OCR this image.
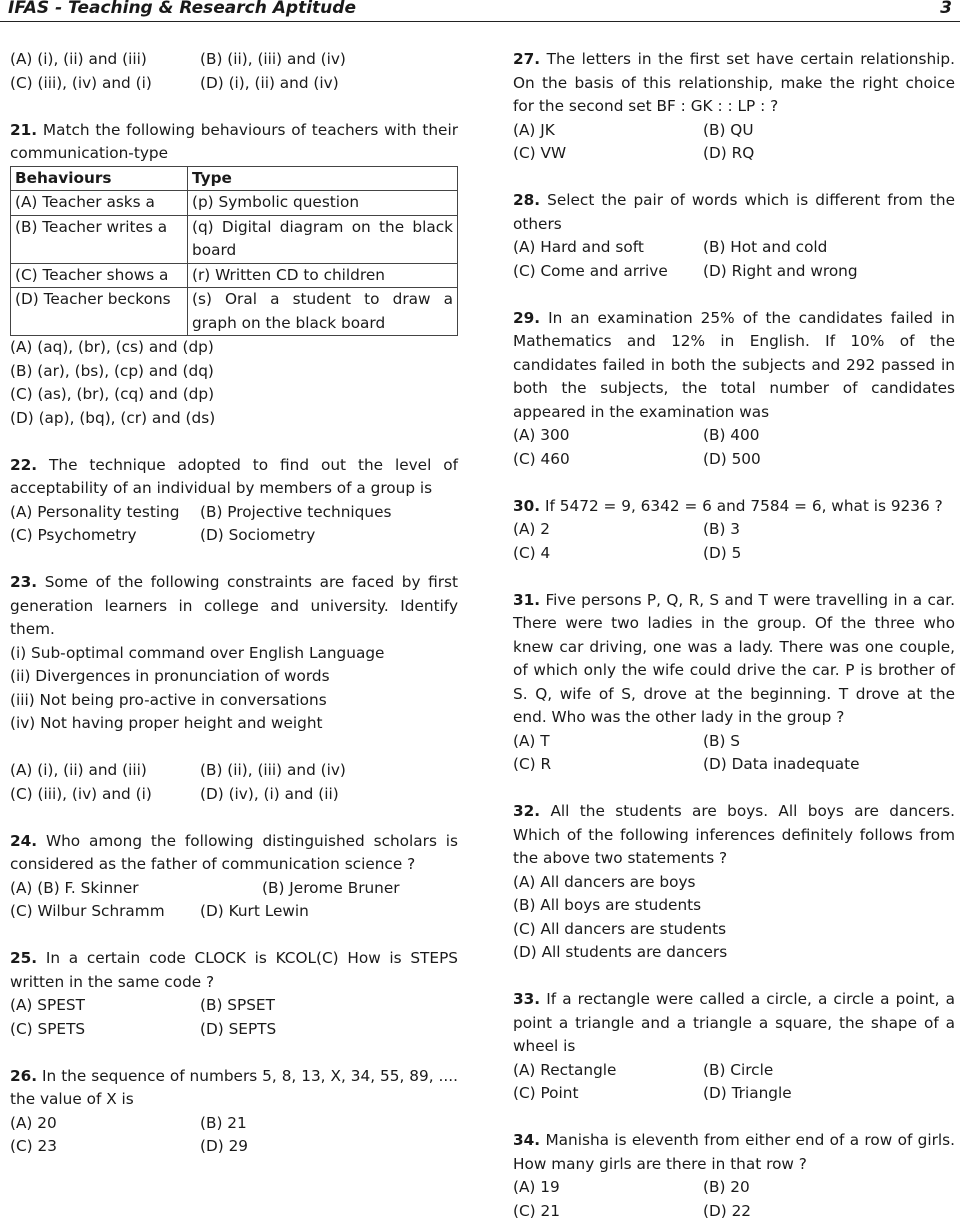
IFAS - Teaching & Research Aptitude	3
(A) (i), (ii) and (iii)	(B) (ii), (iii) and (iv)
(C) (iii), (iv) and (i)	(D) (i), (ii) and (iv)
21. Match the following behaviours of teachers with their communication-type
Behaviours	Type
(A) Teacher asks a	(p) Symbolic question
(B) Teacher writes a	(q) Digital diagram on the black board
(C) Teacher shows a	(r) Written CD to children
(D) Teacher beckons	(s) Oral a student to draw a graph on the black board
(A) (aq), (br), (cs) and (dp)
(B) (ar), (bs), (cp) and (dq)
(C) (as), (br), (cq) and (dp)
(D) (ap), (bq), (cr) and (ds)
22. The technique adopted to find out the level of acceptability of an individual by members of a group is
(A) Personality testing	(B) Projective techniques
(C) Psychometry	(D) Sociometry
23. Some of the following constraints are faced by first generation learners in college and university. Identify them.
(i) Sub-optimal command over English Language
(ii) Divergences in pronunciation of words
(iii) Not being pro-active in conversations
(iv) Not having proper height and weight
(A) (i), (ii) and (iii)	(B) (ii), (iii) and (iv)
(C) (iii), (iv) and (i)	(D) (iv), (i) and (ii)
24. Who among the following distinguished scholars is considered as the father of communication science ?
(A) (B) F. Skinner	(B) Jerome Bruner
(C) Wilbur Schramm	(D) Kurt Lewin
25. In a certain code CLOCK is KCOL(C) How is STEPS written in the same code ?
(A) SPEST	(B) SPSET
(C) SPETS	(D) SEPTS
26. In the sequence of numbers 5, 8, 13, X, 34, 55, 89, .... the value of X is
(A) 20	(B) 21
(C) 23	(D) 29
27. The letters in the first set have certain relationship. On the basis of this relationship, make the right choice for the second set BF : GK : : LP : ?
(A) JK	(B) QU
(C) VW	(D) RQ
28. Select the pair of words which is different from the others
(A) Hard and soft	(B) Hot and cold
(C) Come and arrive	(D) Right and wrong
29. In an examination 25% of the candidates failed in Mathematics and 12% in English. If 10% of the candidates failed in both the subjects and 292 passed in both the subjects, the total number of candidates appeared in the examination was
(A) 300	(B) 400
(C) 460	(D) 500
30. If 5472 = 9, 6342 = 6 and 7584 = 6, what is 9236 ?
(A) 2	(B) 3
(C) 4	(D) 5
31. Five persons P, Q, R, S and T were travelling in a car. There were two ladies in the group. Of the three who knew car driving, one was a lady. There was one couple, of which only the wife could drive the car. P is brother of S. Q, wife of S, drove at the beginning. T drove at the end. Who was the other lady in the group ?
(A) T	(B) S
(C) R	(D) Data inadequate
32. All the students are boys. All boys are dancers. Which of the following inferences definitely follows from the above two statements ?
(A) All dancers are boys
(B) All boys are students
(C) All dancers are students
(D) All students are dancers
33. If a rectangle were called a circle, a circle a point, a point a triangle and a triangle a square, the shape of a wheel is
(A) Rectangle	(B) Circle
(C) Point	(D) Triangle
34. Manisha is eleventh from either end of a row of girls. How many girls are there in that row ?
(A) 19	(B) 20
(C) 21	(D) 22
